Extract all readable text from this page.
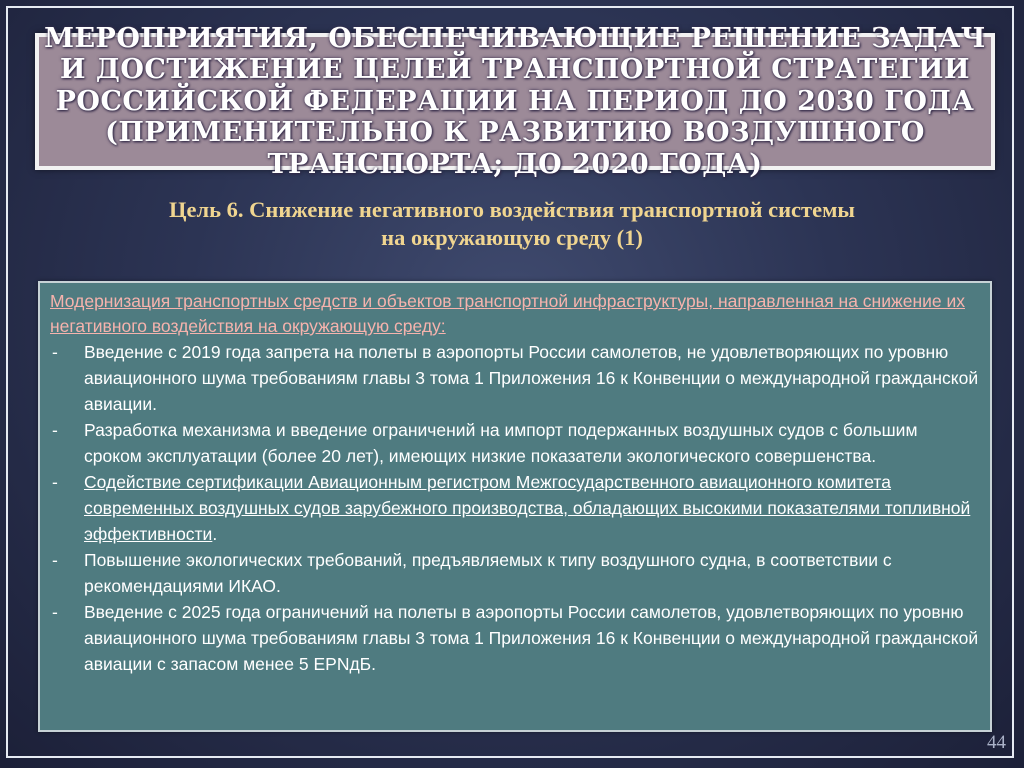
МЕРОПРИЯТИЯ, ОБЕСПЕЧИВАЮЩИЕ РЕШЕНИЕ ЗАДАЧ И ДОСТИЖЕНИЕ ЦЕЛЕЙ ТРАНСПОРТНОЙ СТРАТЕГИИ РОССИЙСКОЙ ФЕДЕРАЦИИ НА ПЕРИОД ДО 2030 ГОДА (ПРИМЕНИТЕЛЬНО К РАЗВИТИЮ ВОЗДУШНОГО ТРАНСПОРТА; ДО 2020 ГОДА)
Цель 6. Снижение негативного воздействия транспортной системы
на окружающую среду (1)

Модернизация транспортных средств и объектов транспортной инфраструктуры, направленная на снижение их негативного воздействия на окружающую среду:

- Введение с 2019 года запрета на полеты в аэропорты России самолетов, не удовлетворяющих по уровню авиационного шума требованиям главы 3 тома 1 Приложения 16 к Конвенции о международной гражданской авиации.
- Разработка механизма и введение ограничений на импорт подержанных воздушных судов с большим сроком эксплуатации (более 20 лет), имеющих низкие показатели экологического совершенства.
- Содействие сертификации Авиационным регистром Межгосударственного авиационного комитета современных воздушных судов зарубежного производства, обладающих высокими показателями топливной эффективности.
- Повышение экологических требований, предъявляемых к типу воздушного судна, в соответствии с рекомендациями ИКАО.
- Введение с 2025 года ограничений на полеты в аэропорты России самолетов, удовлетворяющих по уровню авиационного шума требованиям главы 3 тома 1 Приложения 16 к Конвенции о международной гражданской авиации с запасом менее 5 EPNдБ.
44
